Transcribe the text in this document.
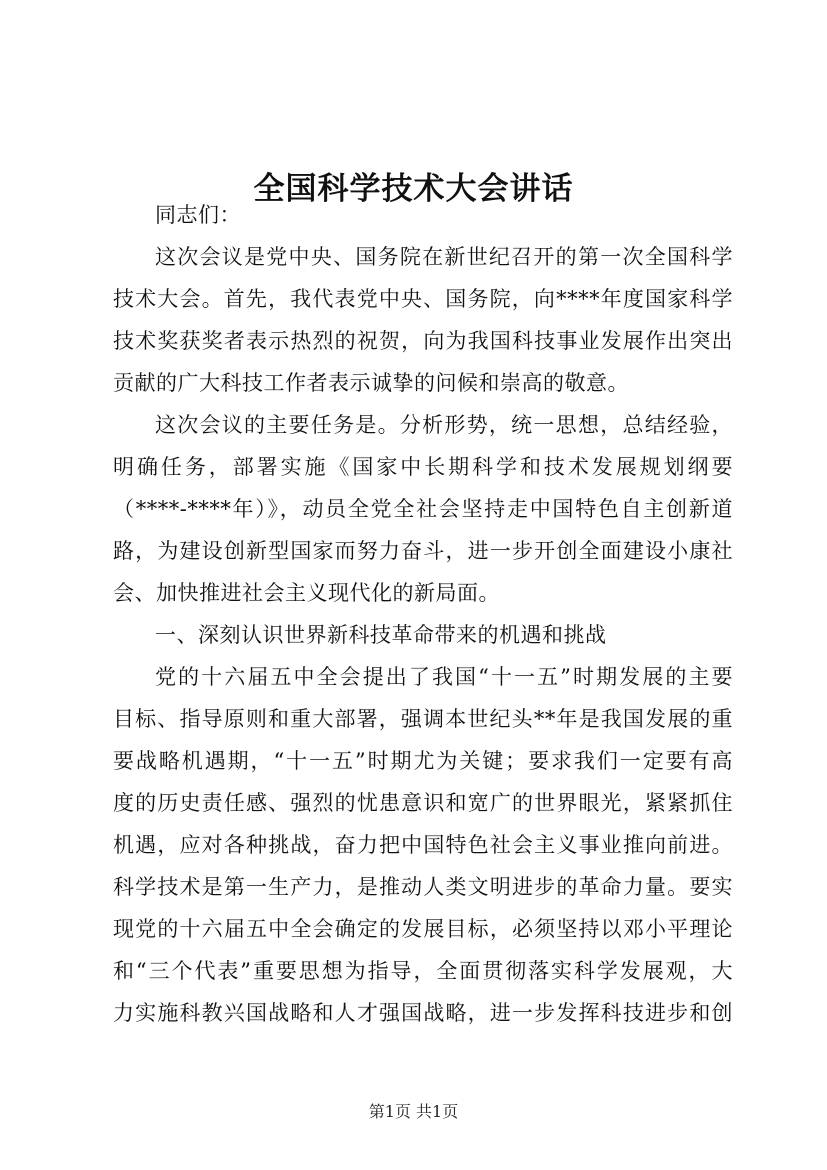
全国科学技术大会讲话
同志们：
这次会议是党中央、国务院在新世纪召开的第一次全国科学
技术大会。首先，我代表党中央、国务院，向****年度国家科学
技术奖获奖者表示热烈的祝贺，向为我国科技事业发展作出突出
贡献的广大科技工作者表示诚挚的问候和崇高的敬意。
这次会议的主要任务是。分析形势，统一思想，总结经验，
明确任务，部署实施《国家中长期科学和技术发展规划纲要
（****-****年）》，动员全党全社会坚持走中国特色自主创新道
路，为建设创新型国家而努力奋斗，进一步开创全面建设小康社
会、加快推进社会主义现代化的新局面。
一、深刻认识世界新科技革命带来的机遇和挑战
党的十六届五中全会提出了我国“十一五”时期发展的主要
目标、指导原则和重大部署，强调本世纪头**年是我国发展的重
要战略机遇期，“十一五”时期尤为关键；要求我们一定要有高
度的历史责任感、强烈的忧患意识和宽广的世界眼光，紧紧抓住
机遇，应对各种挑战，奋力把中国特色社会主义事业推向前进。
科学技术是第一生产力，是推动人类文明进步的革命力量。要实
现党的十六届五中全会确定的发展目标，必须坚持以邓小平理论
和“三个代表”重要思想为指导，全面贯彻落实科学发展观，大
力实施科教兴国战略和人才强国战略，进一步发挥科技进步和创
第1页 共1页
